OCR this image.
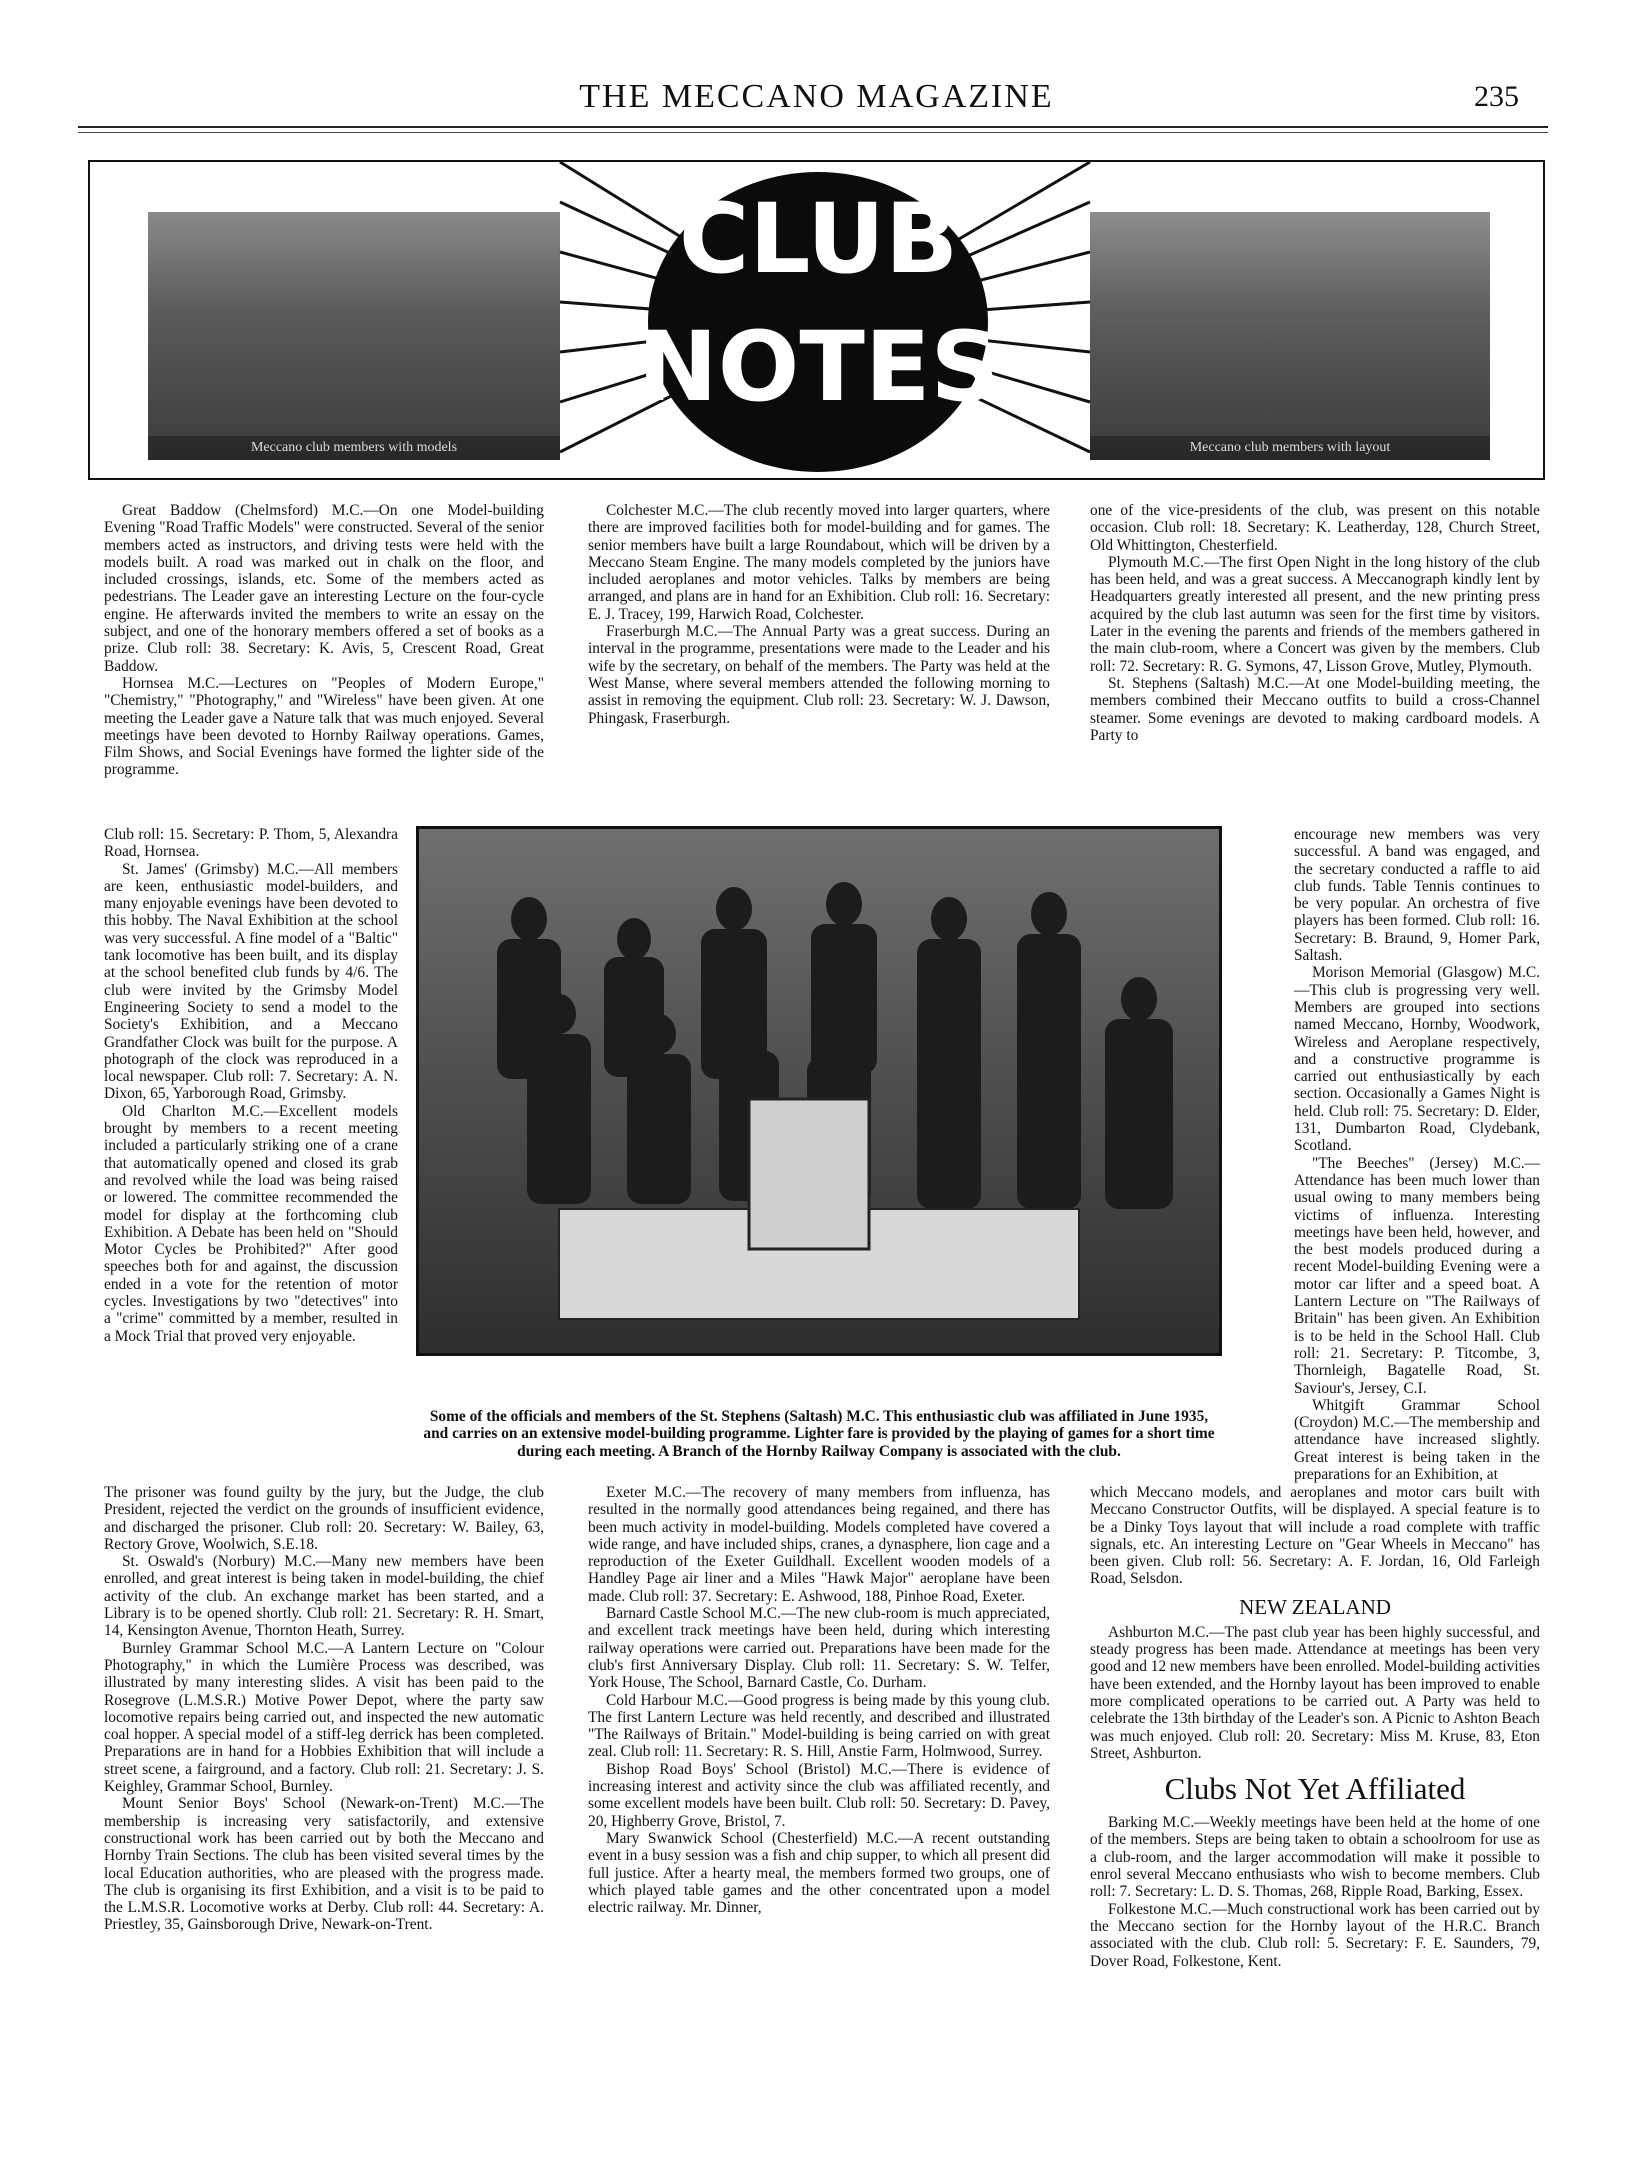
THE MECCANO MAGAZINE	235
Meccano club members with models	Meccano club members with layout
CLUB
NOTES

Great Baddow (Chelmsford) M.C.—On one Model-building Evening "Road Traffic Models" were constructed. Several of the senior members acted as instructors, and driving tests were held with the models built. A road was marked out in chalk on the floor, and included crossings, islands, etc. Some of the members acted as pedestrians. The Leader gave an interesting Lecture on the four-cycle engine. He afterwards invited the members to write an essay on the subject, and one of the honorary members offered a set of books as a prize. Club roll: 38. Secretary: K. Avis, 5, Crescent Road, Great Baddow.

Hornsea M.C.—Lectures on "Peoples of Modern Europe," "Chemistry," "Photography," and "Wireless" have been given. At one meeting the Leader gave a Nature talk that was much enjoyed. Several meetings have been devoted to Hornby Railway operations. Games, Film Shows, and Social Evenings have formed the lighter side of the programme.

Club roll: 15. Secretary: P. Thom, 5, Alexandra Road, Hornsea.

St. James' (Grimsby) M.C.—All members are keen, enthusiastic model-builders, and many enjoyable evenings have been devoted to this hobby. The Naval Exhibition at the school was very successful. A fine model of a "Baltic" tank locomotive has been built, and its display at the school benefited club funds by 4/6. The club were invited by the Grimsby Model Engineering Society to send a model to the Society's Exhibition, and a Meccano Grandfather Clock was built for the purpose. A photograph of the clock was reproduced in a local newspaper. Club roll: 7. Secretary: A. N. Dixon, 65, Yarborough Road, Grimsby.

Old Charlton M.C.—Excellent models brought by members to a recent meeting included a particularly striking one of a crane that automatically opened and closed its grab and revolved while the load was being raised or lowered. The committee recommended the model for display at the forthcoming club Exhibition. A Debate has been held on "Should Motor Cycles be Prohibited?" After good speeches both for and against, the discussion ended in a vote for the retention of motor cycles. Investigations by two "detectives" into a "crime" committed by a member, resulted in a Mock Trial that proved very enjoyable.

The prisoner was found guilty by the jury, but the Judge, the club President, rejected the verdict on the grounds of insufficient evidence, and discharged the prisoner. Club roll: 20. Secretary: W. Bailey, 63, Rectory Grove, Woolwich, S.E.18.

St. Oswald's (Norbury) M.C.—Many new members have been enrolled, and great interest is being taken in model-building, the chief activity of the club. An exchange market has been started, and a Library is to be opened shortly. Club roll: 21. Secretary: R. H. Smart, 14, Kensington Avenue, Thornton Heath, Surrey.

Burnley Grammar School M.C.—A Lantern Lecture on "Colour Photography," in which the Lumière Process was described, was illustrated by many interesting slides. A visit has been paid to the Rosegrove (L.M.S.R.) Motive Power Depot, where the party saw locomotive repairs being carried out, and inspected the new automatic coal hopper. A special model of a stiff-leg derrick has been completed. Preparations are in hand for a Hobbies Exhibition that will include a street scene, a fairground, and a factory. Club roll: 21. Secretary: J. S. Keighley, Grammar School, Burnley.

Mount Senior Boys' School (Newark-on-Trent) M.C.—The membership is increasing very satisfactorily, and extensive constructional work has been carried out by both the Meccano and Hornby Train Sections. The club has been visited several times by the local Education authorities, who are pleased with the progress made. The club is organising its first Exhibition, and a visit is to be paid to the L.M.S.R. Locomotive works at Derby. Club roll: 44. Secretary: A. Priestley, 35, Gainsborough Drive, Newark-on-Trent.

Colchester M.C.—The club recently moved into larger quarters, where there are improved facilities both for model-building and for games. The senior members have built a large Roundabout, which will be driven by a Meccano Steam Engine. The many models completed by the juniors have included aeroplanes and motor vehicles. Talks by members are being arranged, and plans are in hand for an Exhibition. Club roll: 16. Secretary: E. J. Tracey, 199, Harwich Road, Colchester.

Fraserburgh M.C.—The Annual Party was a great success. During an interval in the programme, presentations were made to the Leader and his wife by the secretary, on behalf of the members. The Party was held at the West Manse, where several members attended the following morning to assist in removing the equipment. Club roll: 23. Secretary: W. J. Dawson, Phingask, Fraserburgh.

one of the vice-presidents of the club, was present on this notable occasion. Club roll: 18. Secretary: K. Leatherday, 128, Church Street, Old Whittington, Chesterfield.

Plymouth M.C.—The first Open Night in the long history of the club has been held, and was a great success. A Meccanograph kindly lent by Headquarters greatly interested all present, and the new printing press acquired by the club last autumn was seen for the first time by visitors. Later in the evening the parents and friends of the members gathered in the main club-room, where a Concert was given by the members. Club roll: 72. Secretary: R. G. Symons, 47, Lisson Grove, Mutley, Plymouth.

St. Stephens (Saltash) M.C.—At one Model-building meeting, the members combined their Meccano outfits to build a cross-Channel steamer. Some evenings are devoted to making cardboard models. A Party to

encourage new members was very successful. A band was engaged, and the secretary conducted a raffle to aid club funds. Table Tennis continues to be very popular. An orchestra of five players has been formed. Club roll: 16. Secretary: B. Braund, 9, Homer Park, Saltash.

Morison Memorial (Glasgow) M.C.—This club is progressing very well. Members are grouped into sections named Meccano, Hornby, Woodwork, Wireless and Aeroplane respectively, and a constructive programme is carried out enthusiastically by each section. Occasionally a Games Night is held. Club roll: 75. Secretary: D. Elder, 131, Dumbarton Road, Clydebank, Scotland.

"The Beeches" (Jersey) M.C.—Attendance has been much lower than usual owing to many members being victims of influenza. Interesting meetings have been held, however, and the best models produced during a recent Model-building Evening were a motor car lifter and a speed boat. A Lantern Lecture on "The Railways of Britain" has been given. An Exhibition is to be held in the School Hall. Club roll: 21. Secretary: P. Titcombe, 3, Thornleigh, Bagatelle Road, St. Saviour's, Jersey, C.I.

Whitgift Grammar School (Croydon) M.C.—The membership and attendance have increased slightly. Great interest is being taken in the preparations for an Exhibition, at

Some of the officials and members of the St. Stephens (Saltash) M.C. This enthusiastic club was affiliated in June 1935, and carries on an extensive model-building programme. Lighter fare is provided by the playing of games for a short time during each meeting. A Branch of the Hornby Railway Company is associated with the club.

Exeter M.C.—The recovery of many members from influenza, has resulted in the normally good attendances being regained, and there has been much activity in model-building. Models completed have covered a wide range, and have included ships, cranes, a dynasphere, lion cage and a reproduction of the Exeter Guildhall. Excellent wooden models of a Handley Page air liner and a Miles "Hawk Major" aeroplane have been made. Club roll: 37. Secretary: E. Ashwood, 188, Pinhoe Road, Exeter.

Barnard Castle School M.C.—The new club-room is much appreciated, and excellent track meetings have been held, during which interesting railway operations were carried out. Preparations have been made for the club's first Anniversary Display. Club roll: 11. Secretary: S. W. Telfer, York House, The School, Barnard Castle, Co. Durham.

Cold Harbour M.C.—Good progress is being made by this young club. The first Lantern Lecture was held recently, and described and illustrated "The Railways of Britain." Model-building is being carried on with great zeal. Club roll: 11. Secretary: R. S. Hill, Anstie Farm, Holmwood, Surrey.

Bishop Road Boys' School (Bristol) M.C.—There is evidence of increasing interest and activity since the club was affiliated recently, and some excellent models have been built. Club roll: 50. Secretary: D. Pavey, 20, Highberry Grove, Bristol, 7.

Mary Swanwick School (Chesterfield) M.C.—A recent outstanding event in a busy session was a fish and chip supper, to which all present did full justice. After a hearty meal, the members formed two groups, one of which played table games and the other concentrated upon a model electric railway. Mr. Dinner,

which Meccano models, and aeroplanes and motor cars built with Meccano Constructor Outfits, will be displayed. A special feature is to be a Dinky Toys layout that will include a road complete with traffic signals, etc. An interesting Lecture on "Gear Wheels in Meccano" has been given. Club roll: 56. Secretary: A. F. Jordan, 16, Old Farleigh Road, Selsdon.

NEW ZEALAND

Ashburton M.C.—The past club year has been highly successful, and steady progress has been made. Attendance at meetings has been very good and 12 new members have been enrolled. Model-building activities have been extended, and the Hornby layout has been improved to enable more complicated operations to be carried out. A Party was held to celebrate the 13th birthday of the Leader's son. A Picnic to Ashton Beach was much enjoyed. Club roll: 20. Secretary: Miss M. Kruse, 83, Eton Street, Ashburton.

Clubs Not Yet Affiliated

Barking M.C.—Weekly meetings have been held at the home of one of the members. Steps are being taken to obtain a schoolroom for use as a club-room, and the larger accommodation will make it possible to enrol several Meccano enthusiasts who wish to become members. Club roll: 7. Secretary: L. D. S. Thomas, 268, Ripple Road, Barking, Essex.

Folkestone M.C.—Much constructional work has been carried out by the Meccano section for the Hornby layout of the H.R.C. Branch associated with the club. Club roll: 5. Secretary: F. E. Saunders, 79, Dover Road, Folkestone, Kent.
